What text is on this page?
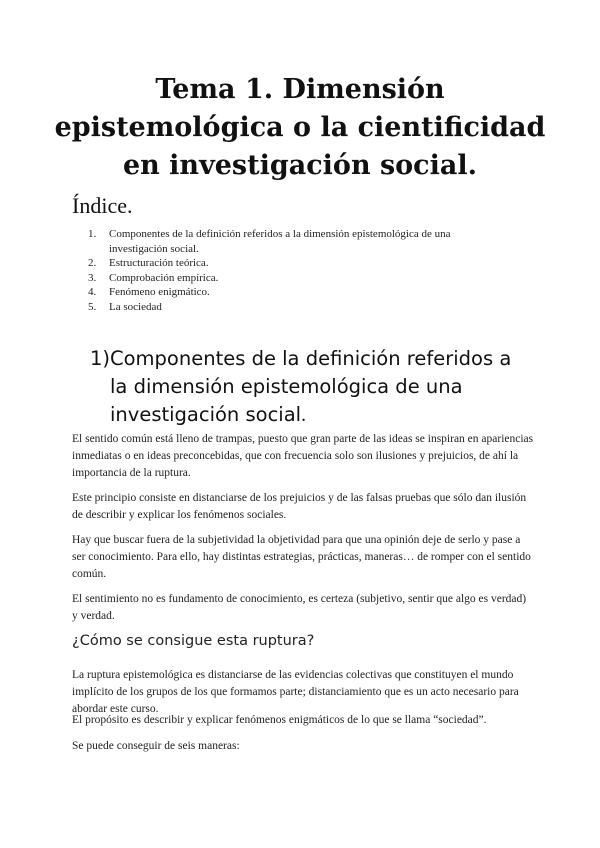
Tema 1. Dimensión epistemológica o la cientificidad en investigación social.
Índice.
1. Componentes de la definición referidos a la dimensión epistemológica de una investigación social.
2. Estructuración teórica.
3. Comprobación empírica.
4. Fenómeno enigmático.
5. La sociedad
1) Componentes de la definición referidos a la dimensión epistemológica de una investigación social.

El sentido común está lleno de trampas, puesto que gran parte de las ideas se inspiran en apariencias inmediatas o en ideas preconcebidas, que con frecuencia solo son ilusiones y prejuicios, de ahí la importancia de la ruptura.

Este principio consiste en distanciarse de los prejuicios y de las falsas pruebas que sólo dan ilusión de describir y explicar los fenómenos sociales.

Hay que buscar fuera de la subjetividad la objetividad para que una opinión deje de serlo y pase a ser conocimiento. Para ello, hay distintas estrategias, prácticas, maneras… de romper con el sentido común.

El sentimiento no es fundamento de conocimiento, es certeza (subjetivo, sentir que algo es verdad) y verdad.

¿Cómo se consigue esta ruptura?

La ruptura epistemológica es distanciarse de las evidencias colectivas que constituyen el mundo implícito de los grupos de los que formamos parte; distanciamiento que es un acto necesario para abordar este curso.

El propósito es describir y explicar fenómenos enigmáticos de lo que se llama “sociedad”.

Se puede conseguir de seis maneras:
